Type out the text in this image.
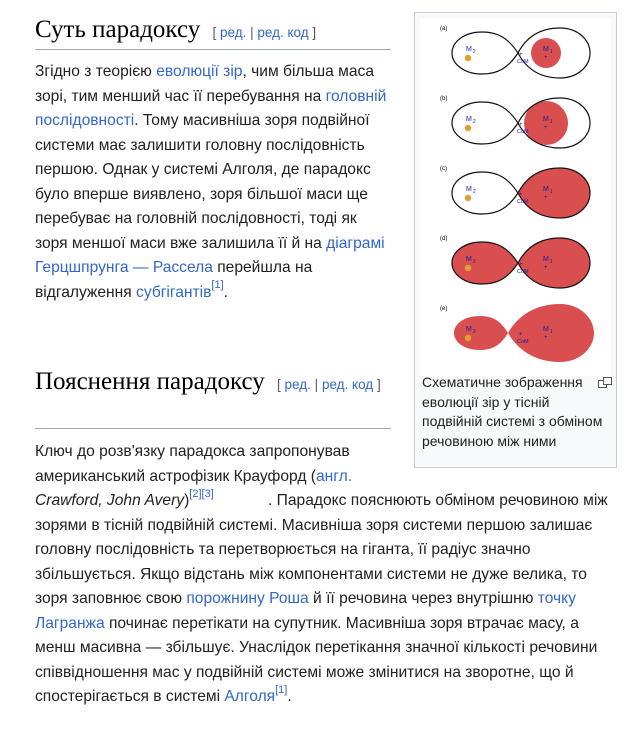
Суть парадоксу [ ред. | ред. код ]

Згідно з теорією еволюції зір, чим більша маса зорі, тим менший час її перебування на головній послідовності. Тому масивніша зоря подвійної системи має залишити головну послідовність першою. Однак у системі Алголя, де парадокс було вперше виявлено, зоря більшої маси ще перебуває на головній послідовності, тоді як зоря меншої маси вже залишила її й на діаграмі Герцшпрунга — Рассела перейшла на відгалуження субгігантів[1].

Пояснення парадоксу [ ред. | ред. код ]

Ключ до розв'язку парадокса запропонував американський астрофізик Крауфорд (англ. Crawford, John Avery)[2][3]	. Парадокс пояснюють обміном речовиною між зорями в тісній подвійній системі. Масивніша зоря системи першою залишає головну послідовність та перетворюється на гіганта, її радіус значно збільшується. Якщо відстань між компонентами системи не дуже велика, то зоря заповнює свою порожнину Роша й її речовина через внутрішню точку Лагранжа починає перетікати на супутник. Масивніша зоря втрачає масу, а менш масивна — збільшує. Унаслідок перетікання значної кількості речовини співвідношення мас у подвійній системі може змінитися на зворотне, що й спостерігається в системі Алголя[1].

(a)
$M_2$	$M_1$
+
CoM
+
(b)
$M_2$	$M_1$
+
CoM
+
(c)
$M_2$	$M_1$
+
CoM
+
(d)
$M_2$	$M_1$
+
CoM
+
(e)
$M_2$	$M_1$
+
CoM
+
Схематичне зображення еволюції зір у тісній подвійній системі з обміном речовиною між ними
